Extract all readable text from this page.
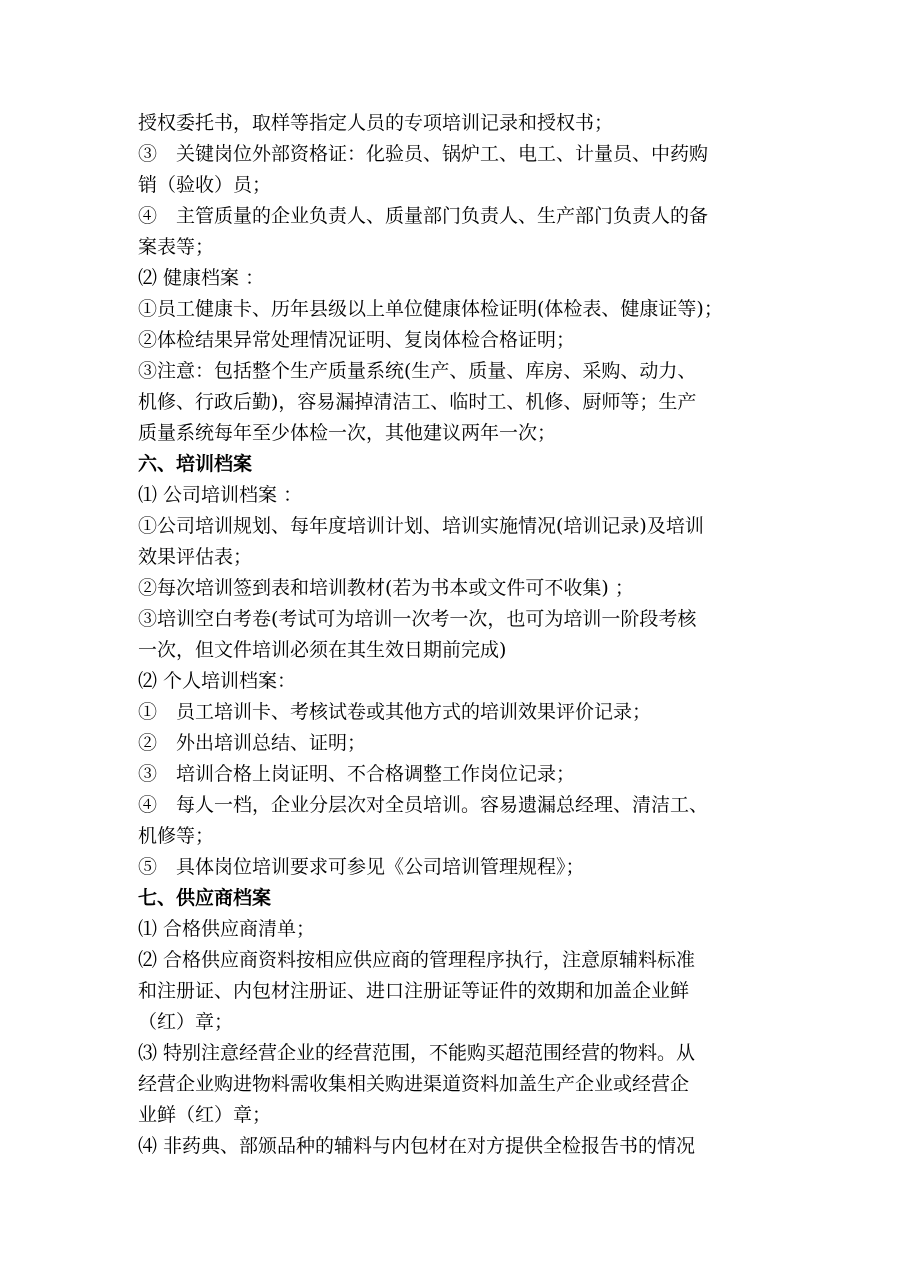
授权委托书，取样等指定人员的专项培训记录和授权书；
③　关键岗位外部资格证：化验员、锅炉工、电工、计量员、中药购
销（验收）员；
④　主管质量的企业负责人、质量部门负责人、生产部门负责人的备
案表等；
⑵ 健康档案 ：
①员工健康卡、历年县级以上单位健康体检证明(体检表、健康证等)；
②体检结果异常处理情况证明、复岗体检合格证明；
③注意：包括整个生产质量系统(生产、质量、库房、采购、动力、
机修、行政后勤)，容易漏掉清洁工、临时工、机修、厨师等；生产
质量系统每年至少体检一次，其他建议两年一次；
六、培训档案
⑴ 公司培训档案 ：
①公司培训规划、每年度培训计划、培训实施情况(培训记录)及培训
效果评估表；
②每次培训签到表和培训教材(若为书本或文件可不收集) ；
③培训空白考卷(考试可为培训一次考一次，也可为培训一阶段考核
一次，但文件培训必须在其生效日期前完成)
⑵ 个人培训档案：
①　员工培训卡、考核试卷或其他方式的培训效果评价记录；
②　外出培训总结、证明；
③　培训合格上岗证明、不合格调整工作岗位记录；
④　每人一档，企业分层次对全员培训。容易遗漏总经理、清洁工、
机修等；
⑤　具体岗位培训要求可参见《公司培训管理规程》；
七、供应商档案
⑴ 合格供应商清单；
⑵ 合格供应商资料按相应供应商的管理程序执行，注意原辅料标准
和注册证、内包材注册证、进口注册证等证件的效期和加盖企业鲜
（红）章；
⑶ 特别注意经营企业的经营范围，不能购买超范围经营的物料。从
经营企业购进物料需收集相关购进渠道资料加盖生产企业或经营企
业鲜（红）章；
⑷ 非药典、部颁品种的辅料与内包材在对方提供全检报告书的情况
